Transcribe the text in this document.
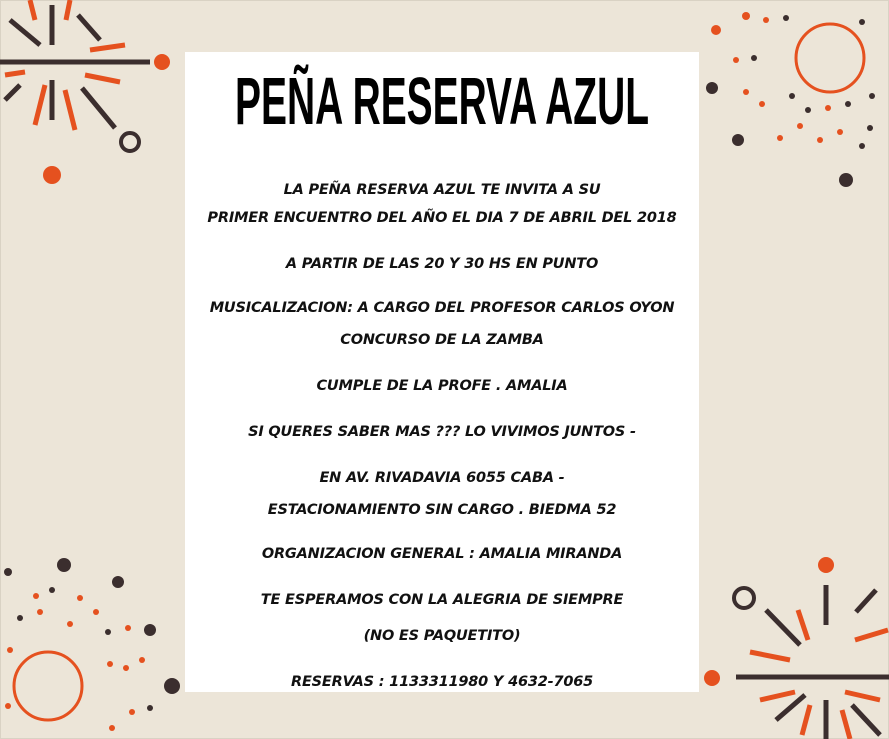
PEÑA RESERVA AZUL
LA PEÑA RESERVA AZUL TE INVITA A SU
PRIMER ENCUENTRO DEL AÑO EL DIA 7 DE ABRIL DEL 2018
A PARTIR DE LAS 20 Y 30 HS EN PUNTO
MUSICALIZACION: A CARGO DEL PROFESOR CARLOS OYON
CONCURSO DE LA ZAMBA
CUMPLE DE LA PROFE . AMALIA
SI QUERES SABER MAS ??? LO VIVIMOS JUNTOS -
EN AV. RIVADAVIA 6055 CABA -
ESTACIONAMIENTO SIN CARGO . BIEDMA 52
ORGANIZACION GENERAL : AMALIA MIRANDA
TE ESPERAMOS CON LA ALEGRIA DE SIEMPRE
(NO ES PAQUETITO)
RESERVAS : 1133311980 Y 4632-7065
